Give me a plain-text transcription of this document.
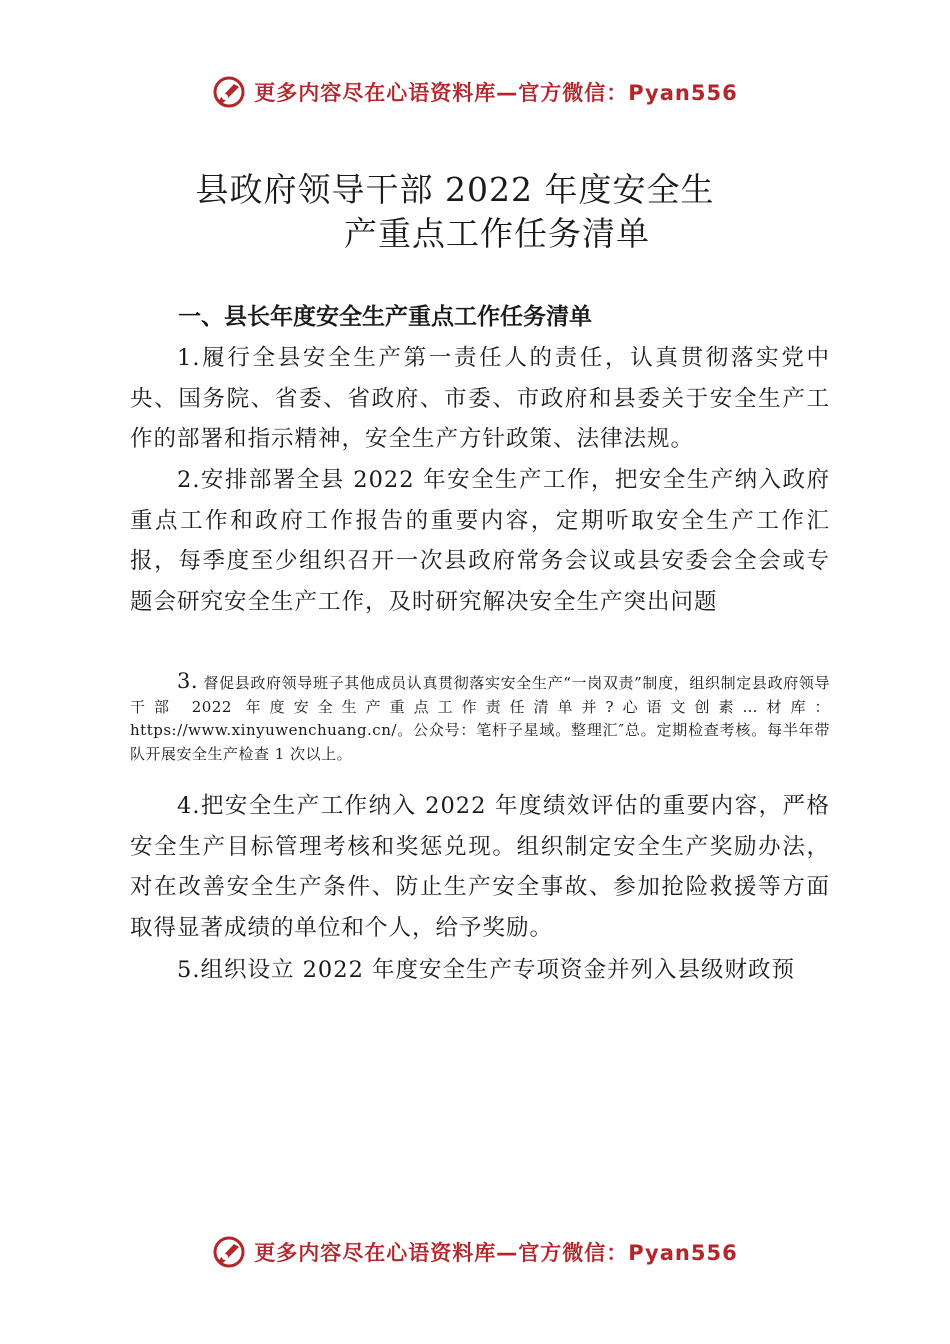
更多内容尽在心语资料库—官方微信：Pyan556
县政府领导干部 2022 年度安全生
产重点工作任务清单
一、县长年度安全生产重点工作任务清单
1.履行全县安全生产第一责任人的责任，认真贯彻落实党中央、国务院、省委、省政府、市委、市政府和县委关于安全生产工作的部署和指示精神，安全生产方针政策、法律法规。
2.安排部署全县 2022 年安全生产工作，把安全生产纳入政府重点工作和政府工作报告的重要内容，定期听取安全生产工作汇报，每季度至少组织召开一次县政府常务会议或县安委会全会或专题会研究安全生产工作，及时研究解决安全生产突出问题
3. 督促县政府领导班子其他成员认真贯彻落实安全生产“一岗双责”制度，组织制定县政府领导干部 2022 年度安全生产重点工作责任清单并?心语文创素…材库：https://www.xinyuwenchuang.cn/。公众号：笔杆子星域。整理汇″总。定期检查考核。每半年带队开展安全生产检查 1 次以上。
4.把安全生产工作纳入 2022 年度绩效评估的重要内容，严格安全生产目标管理考核和奖惩兑现。组织制定安全生产奖励办法，对在改善安全生产条件、防止生产安全事故、参加抢险救援等方面取得显著成绩的单位和个人，给予奖励。
5.组织设立 2022 年度安全生产专项资金并列入县级财政预
更多内容尽在心语资料库—官方微信：Pyan556
